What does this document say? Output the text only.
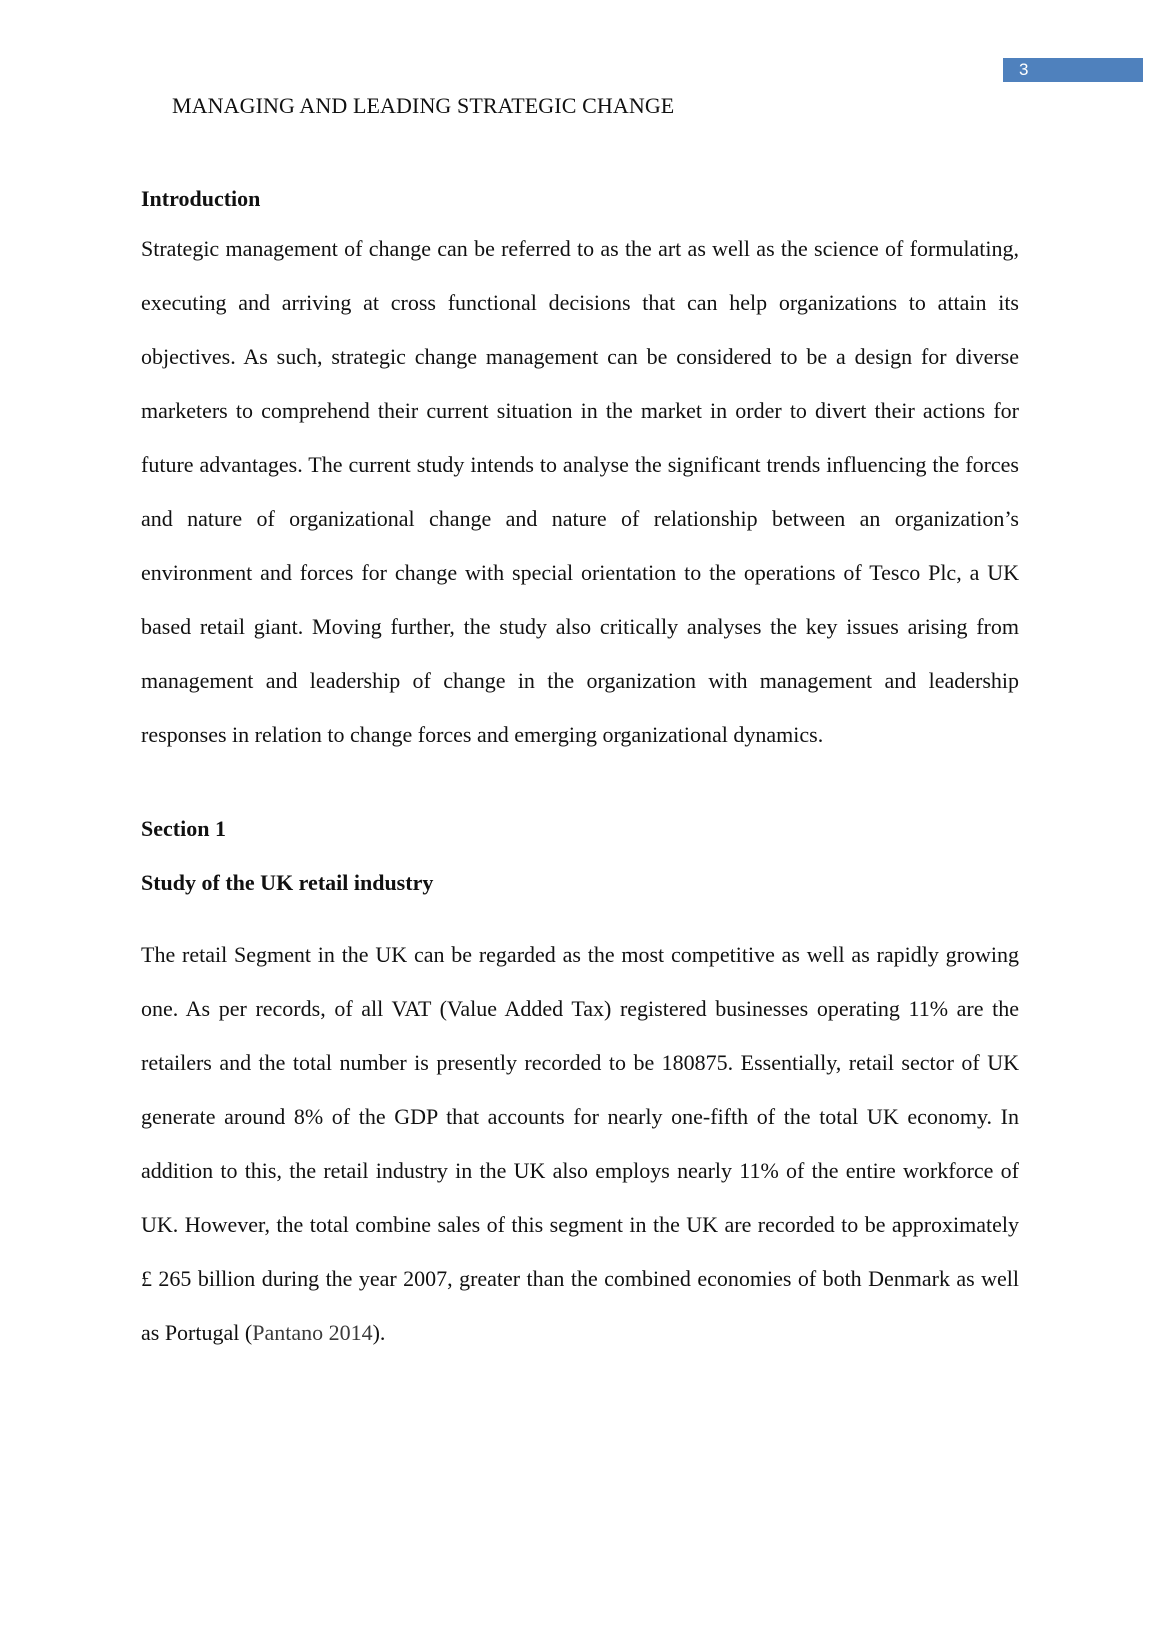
3
MANAGING AND LEADING STRATEGIC CHANGE
Introduction

Strategic management of change can be referred to as the art as well as the science of formulating, executing and arriving at cross functional decisions that can help organizations to attain its      objectives. As such, strategic change management can be considered to be a design for diverse marketers to comprehend their current situation in the market in order to divert their actions for future advantages. The current study intends to analyse the significant trends influencing the forces and nature of organizational change and nature of relationship between an organization’s environment and forces for change with special orientation to the operations of Tesco Plc, a UK based retail giant. Moving further, the study also critically analyses the key issues arising from management and leadership of change in the organization with management and leadership responses in relation to change forces and emerging organizational dynamics.

Section 1
Study of the UK retail industry

The retail Segment in the UK can be regarded as the most competitive as well as rapidly growing one. As per records, of all VAT (Value Added Tax) registered businesses operating 11% are the retailers and the total number is presently recorded to be 180875. Essentially, retail sector of UK generate around 8% of the GDP that accounts for nearly one-fifth of the total UK economy. In addition to this, the retail industry in the UK also employs nearly 11% of the entire workforce of UK. However, the total combine sales of this segment in the UK are recorded to be approximately £ 265 billion during the year 2007, greater than the combined economies of both Denmark as well as Portugal (Pantano 2014).
